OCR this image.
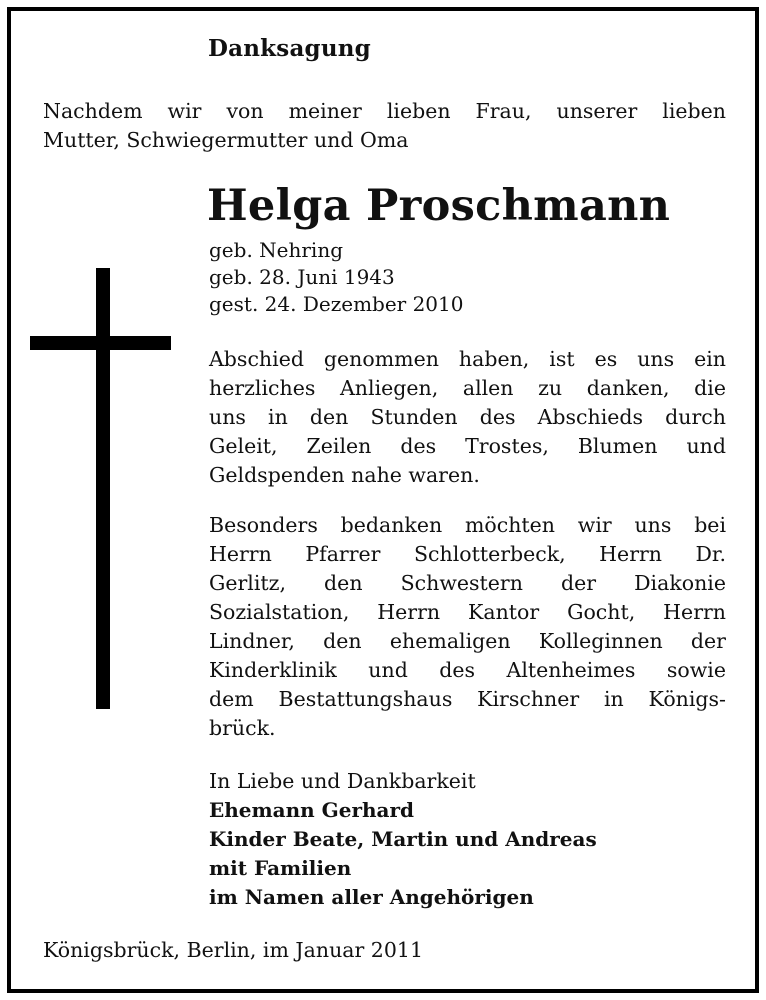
Danksagung
Nachdem wir von meiner lieben Frau, unserer lieben
Mutter, Schwiegermutter und Oma
Helga Proschmann
geb. Nehring
geb. 28. Juni 1943
gest. 24. Dezember 2010
Abschied genommen haben, ist es uns ein
herzliches Anliegen, allen zu danken, die
uns in den Stunden des Abschieds durch
Geleit, Zeilen des Trostes, Blumen und
Geldspenden nahe waren.
Besonders bedanken möchten wir uns bei
Herrn Pfarrer Schlotterbeck, Herrn Dr.
Gerlitz, den Schwestern der Diakonie
Sozialstation, Herrn Kantor Gocht, Herrn
Lindner, den ehemaligen Kolleginnen der
Kinderklinik und des Altenheimes sowie
dem Bestattungshaus Kirschner in Königs-
brück.
In Liebe und Dankbarkeit
Ehemann Gerhard
Kinder Beate, Martin und Andreas
mit Familien
im Namen aller Angehörigen
Königsbrück, Berlin, im Januar 2011
